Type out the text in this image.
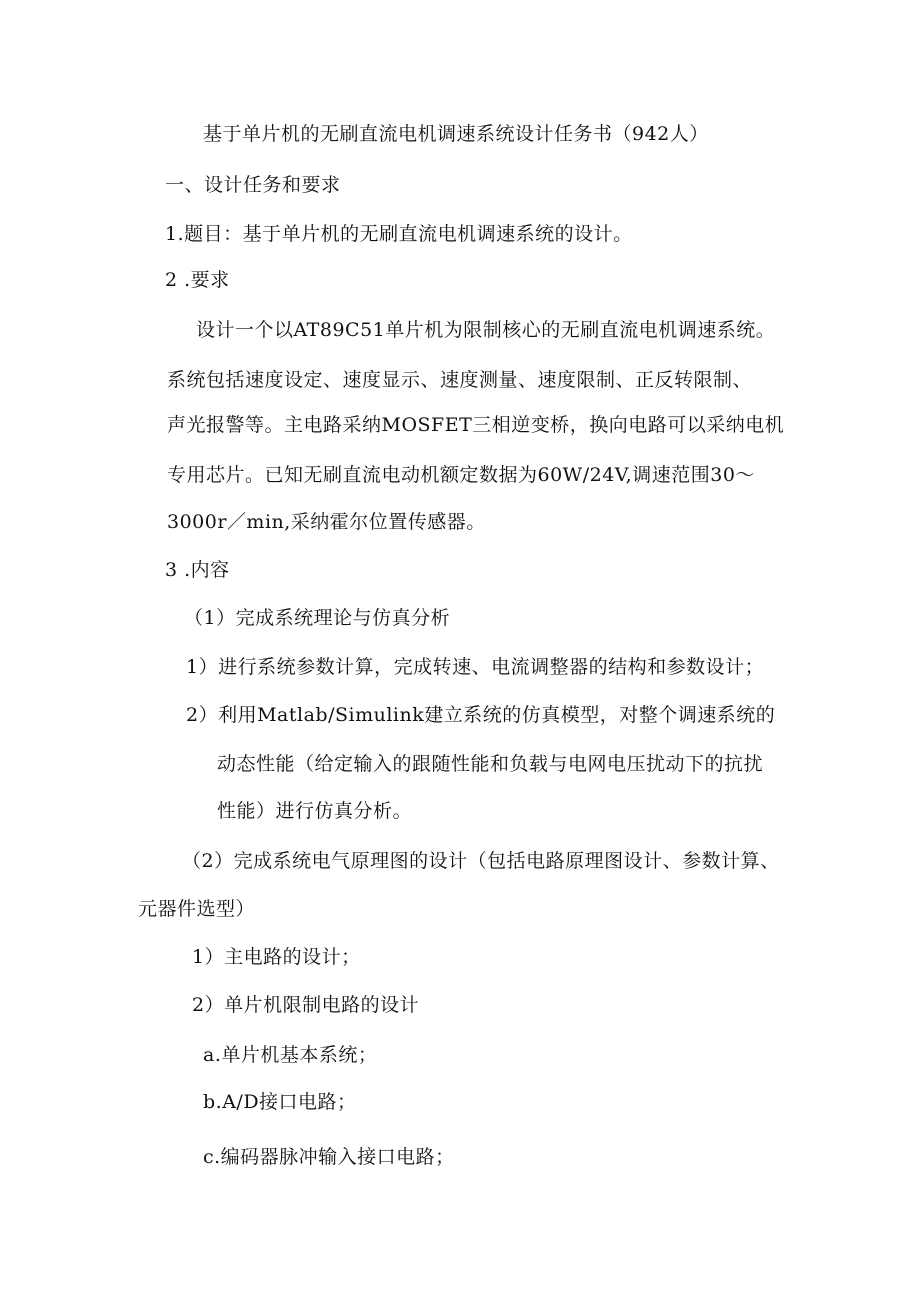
基于单片机的无刷直流电机调速系统设计任务书（942人）
一、设计任务和要求
1.题目：基于单片机的无刷直流电机调速系统的设计。
2 .要求
设计一个以AT89C51单片机为限制核心的无刷直流电机调速系统。
系统包括速度设定、速度显示、速度测量、速度限制、正反转限制、
声光报警等。主电路采纳MOSFET三相逆变桥，换向电路可以采纳电机
专用芯片。已知无刷直流电动机额定数据为60W/24V,调速范围30～
3000r／min,采纳霍尔位置传感器。
3 .内容
（1）完成系统理论与仿真分析
1）进行系统参数计算，完成转速、电流调整器的结构和参数设计；
2）利用Matlab/Simulink建立系统的仿真模型，对整个调速系统的
动态性能（给定输入的跟随性能和负载与电网电压扰动下的抗扰
性能）进行仿真分析。
（2）完成系统电气原理图的设计（包括电路原理图设计、参数计算、
元器件选型）
1）主电路的设计；
2）单片机限制电路的设计
a.单片机基本系统；
b.A/D接口电路；
c.编码器脉冲输入接口电路；
